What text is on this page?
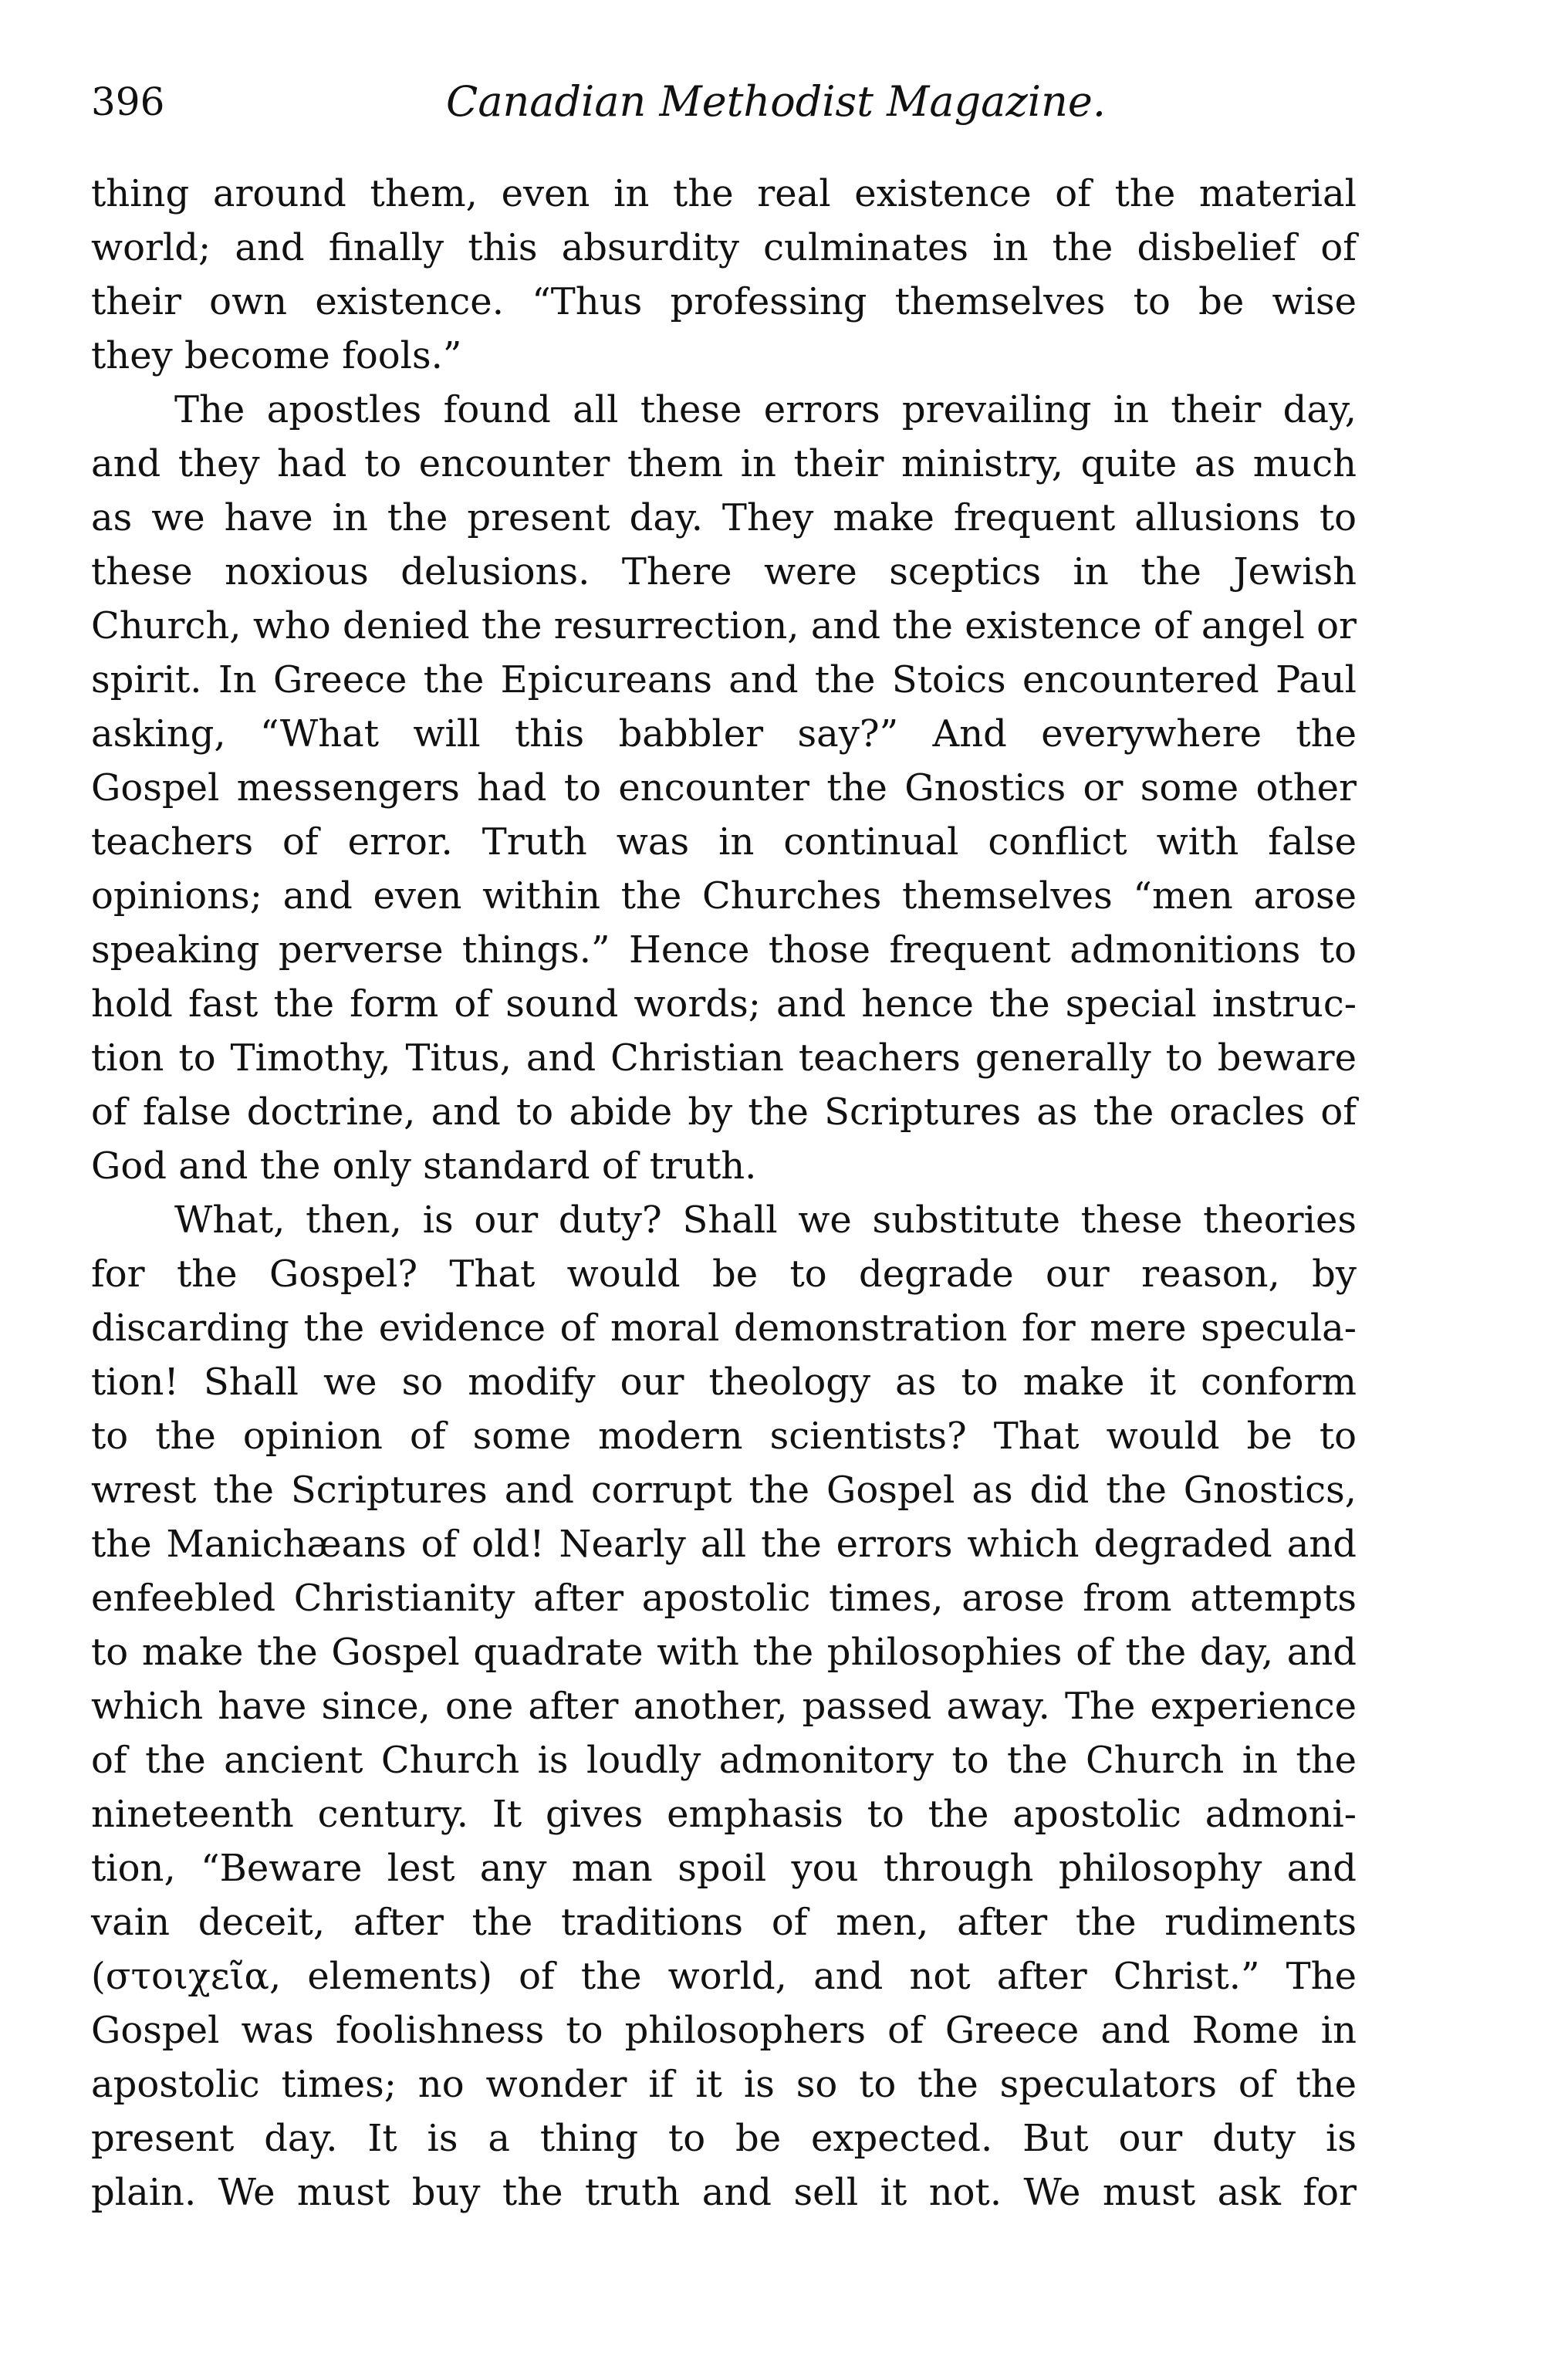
396	Canadian Methodist Magazine.
thing around them, even in the real existence of the material
world; and finally this absurdity culminates in the disbelief of
their own existence. “Thus professing themselves to be wise
they become fools.”
The apostles found all these errors prevailing in their day,
and they had to encounter them in their ministry, quite as much
as we have in the present day. They make frequent allusions to
these noxious delusions. There were sceptics in the Jewish
Church, who denied the resurrection, and the existence of angel or
spirit. In Greece the Epicureans and the Stoics encountered Paul
asking, “What will this babbler say?” And everywhere the
Gospel messengers had to encounter the Gnostics or some other
teachers of error. Truth was in continual conflict with false
opinions; and even within the Churches themselves “men arose
speaking perverse things.” Hence those frequent admonitions to
hold fast the form of sound words; and hence the special instruc-
tion to Timothy, Titus, and Christian teachers generally to beware
of false doctrine, and to abide by the Scriptures as the oracles of
God and the only standard of truth.
What, then, is our duty? Shall we substitute these theories
for the Gospel? That would be to degrade our reason, by
discarding the evidence of moral demonstration for mere specula-
tion! Shall we so modify our theology as to make it conform
to the opinion of some modern scientists? That would be to
wrest the Scriptures and corrupt the Gospel as did the Gnostics,
the Manichæans of old! Nearly all the errors which degraded and
enfeebled Christianity after apostolic times, arose from attempts
to make the Gospel quadrate with the philosophies of the day, and
which have since, one after another, passed away. The experience
of the ancient Church is loudly admonitory to the Church in the
nineteenth century. It gives emphasis to the apostolic admoni-
tion, “Beware lest any man spoil you through philosophy and
vain deceit, after the traditions of men, after the rudiments
(στοιχεῖα, elements) of the world, and not after Christ.” The
Gospel was foolishness to philosophers of Greece and Rome in
apostolic times; no wonder if it is so to the speculators of the
present day. It is a thing to be expected. But our duty is
plain. We must buy the truth and sell it not. We must ask for
